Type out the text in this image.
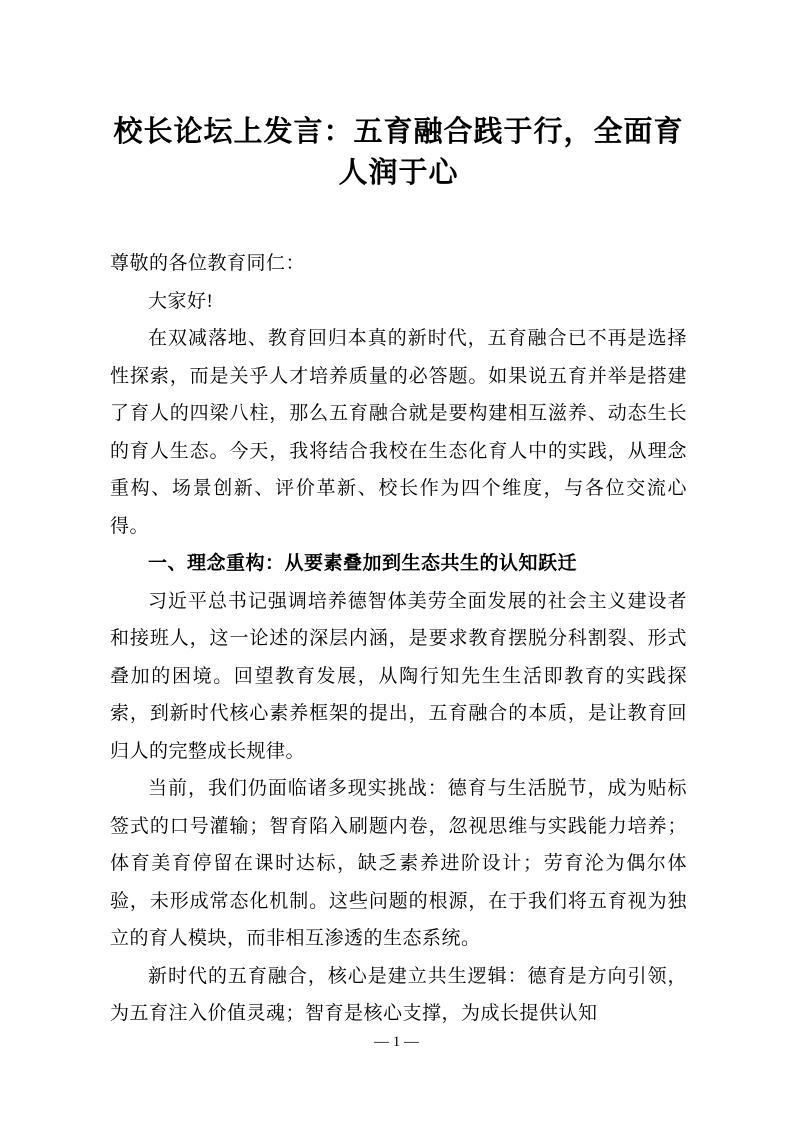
校长论坛上发言：五育融合践于行，全面育人润于心

尊敬的各位教育同仁：

大家好!

在双减落地、教育回归本真的新时代，五育融合已不再是选择性探索，而是关乎人才培养质量的必答题。如果说五育并举是搭建了育人的四梁八柱，那么五育融合就是要构建相互滋养、动态生长的育人生态。今天，我将结合我校在生态化育人中的实践，从理念重构、场景创新、评价革新、校长作为四个维度，与各位交流心得。

一、理念重构：从要素叠加到生态共生的认知跃迁

习近平总书记强调培养德智体美劳全面发展的社会主义建设者和接班人，这一论述的深层内涵，是要求教育摆脱分科割裂、形式叠加的困境。回望教育发展，从陶行知先生生活即教育的实践探索，到新时代核心素养框架的提出，五育融合的本质，是让教育回归人的完整成长规律。

当前，我们仍面临诸多现实挑战：德育与生活脱节，成为贴标签式的口号灌输；智育陷入刷题内卷，忽视思维与实践能力培养；体育美育停留在课时达标，缺乏素养进阶设计；劳育沦为偶尔体验，未形成常态化机制。这些问题的根源，在于我们将五育视为独立的育人模块，而非相互渗透的生态系统。

新时代的五育融合，核心是建立共生逻辑：德育是方向引领，为五育注入价值灵魂；智育是核心支撑，为成长提供认知

— 1 —
